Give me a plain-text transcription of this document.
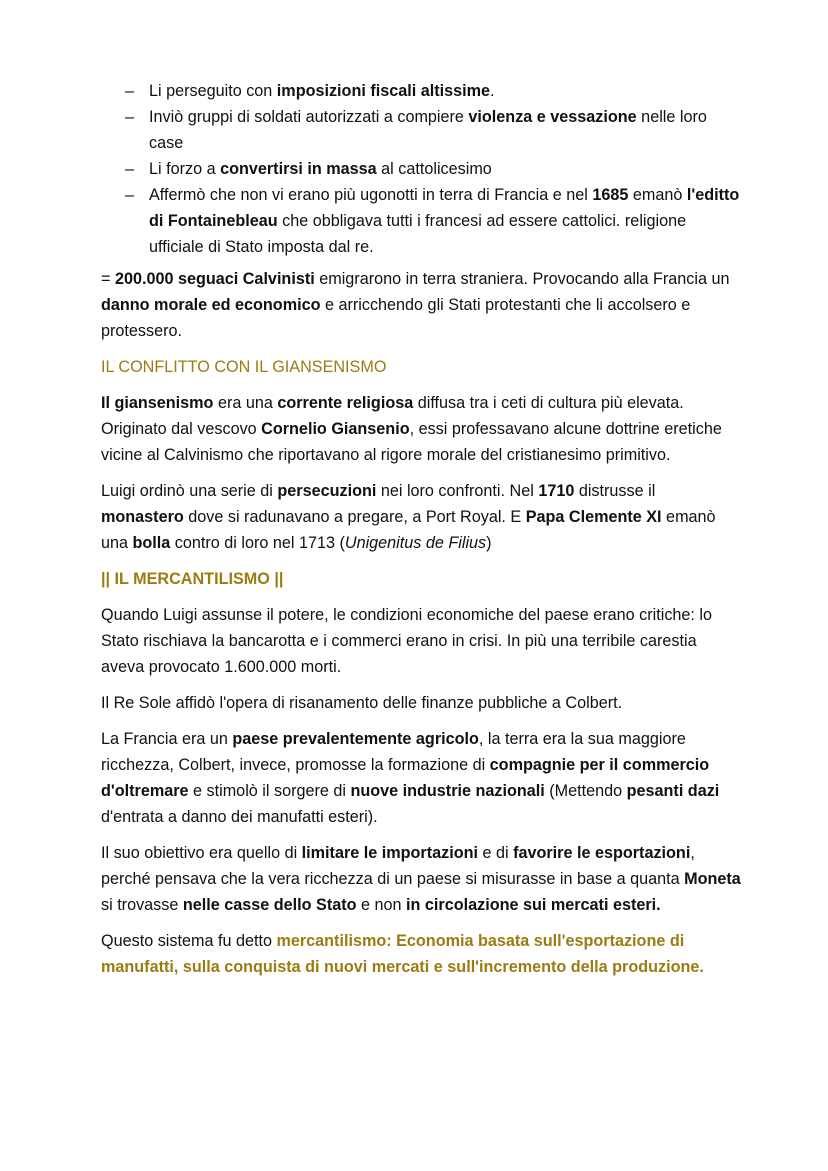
– Li perseguito con imposizioni fiscali altissime.
– Inviò gruppi di soldati autorizzati a compiere violenza e vessazione nelle loro case
– Li forzo a convertirsi in massa al cattolicesimo
– Affermò che non vi erano più ugonotti in terra di Francia e nel 1685 emanò l'editto di Fontainebleau che obbligava tutti i francesi ad essere cattolici. religione ufficiale di Stato imposta dal re.

= 200.000 seguaci Calvinisti emigrarono in terra straniera. Provocando alla Francia un danno morale ed economico e arricchendo gli Stati protestanti che li accolsero e protessero.

IL CONFLITTO CON IL GIANSENISMO

Il giansenismo era una corrente religiosa diffusa tra i ceti di cultura più elevata. Originato dal vescovo Cornelio Giansenio, essi professavano alcune dottrine eretiche vicine al Calvinismo che riportavano al rigore morale del cristianesimo primitivo.

Luigi ordinò una serie di persecuzioni nei loro confronti. Nel 1710 distrusse il monastero dove si radunavano a pregare, a Port Royal. E Papa Clemente XI emanò una bolla contro di loro nel 1713 (Unigenitus de Filius)

|| IL MERCANTILISMO ||

Quando Luigi assunse il potere, le condizioni economiche del paese erano critiche: lo Stato rischiava la bancarotta e i commerci erano in crisi. In più una terribile carestia aveva provocato 1.600.000 morti.

Il Re Sole affidò l'opera di risanamento delle finanze pubbliche a Colbert.

La Francia era un paese prevalentemente agricolo, la terra era la sua maggiore ricchezza, Colbert, invece, promosse la formazione di compagnie per il commercio d'oltremare e stimolò il sorgere di nuove industrie nazionali (Mettendo pesanti dazi d'entrata a danno dei manufatti esteri).

Il suo obiettivo era quello di limitare le importazioni e di favorire le esportazioni, perché pensava che la vera ricchezza di un paese si misurasse in base a quanta Moneta si trovasse nelle casse dello Stato e non in circolazione sui mercati esteri.

Questo sistema fu detto mercantilismo: Economia basata sull'esportazione di manufatti, sulla conquista di nuovi mercati e sull'incremento della produzione.
